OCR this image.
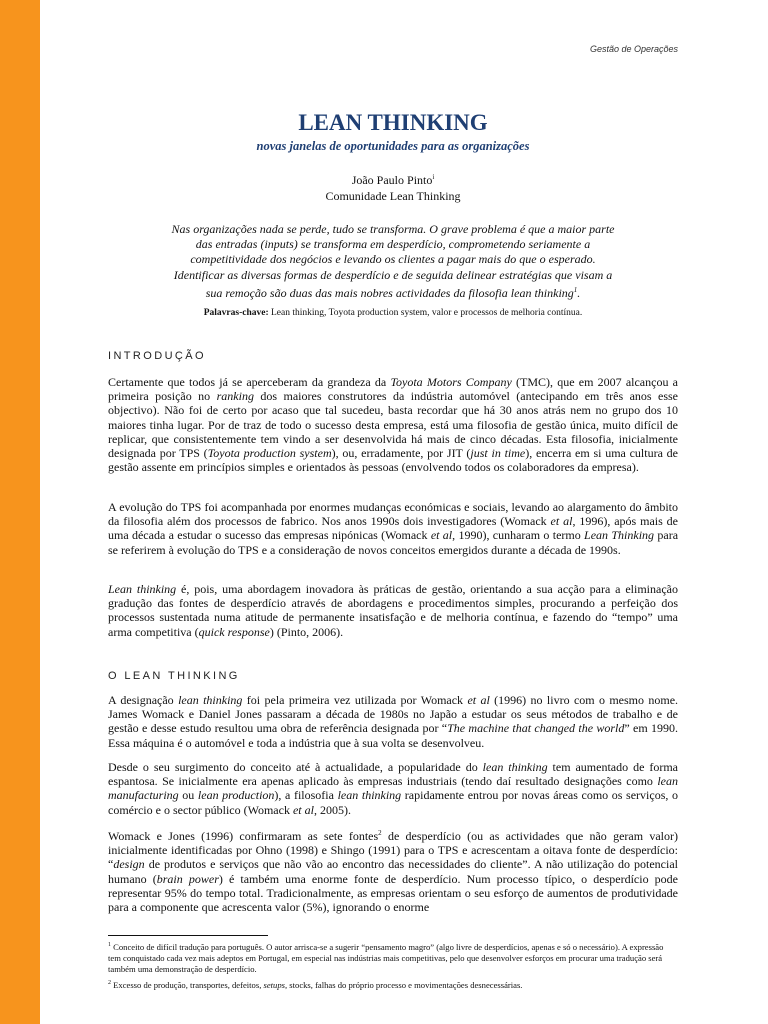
Gestão de Operações
LEAN THINKING
novas janelas de oportunidades para as organizações
João Paulo Pinto$^i$
Comunidade Lean Thinking
Nas organizações nada se perde, tudo se transforma. O grave problema é que a maior parte
das entradas (inputs) se transforma em desperdício, comprometendo seriamente a
competitividade dos negócios e levando os clientes a pagar mais do que o esperado.
Identificar as diversas formas de desperdício e de seguida delinear estratégias que visam a
sua remoção são duas das mais nobres actividades da filosofia lean thinking$^1$.
Palavras-chave: Lean thinking, Toyota production system, valor e processos de melhoria contínua.
INTRODUÇÃO
Certamente que todos já se aperceberam da grandeza da Toyota Motors Company (TMC), que em 2007 alcançou a primeira posição no ranking dos maiores construtores da indústria automóvel (antecipando em três anos esse objectivo). Não foi de certo por acaso que tal sucedeu, basta recordar que há 30 anos atrás nem no grupo dos 10 maiores tinha lugar. Por de traz de todo o sucesso desta empresa, está uma filosofia de gestão única, muito difícil de replicar, que consistentemente tem vindo a ser desenvolvida há mais de cinco décadas. Esta filosofia, inicialmente designada por TPS (Toyota production system), ou, erradamente, por JIT (just in time), encerra em si uma cultura de gestão assente em princípios simples e orientados às pessoas (envolvendo todos os colaboradores da empresa).
A evolução do TPS foi acompanhada por enormes mudanças económicas e sociais, levando ao alargamento do âmbito da filosofia além dos processos de fabrico. Nos anos 1990s dois investigadores (Womack et al, 1996), após mais de uma década a estudar o sucesso das empresas nipónicas (Womack et al, 1990), cunharam o termo Lean Thinking para se referirem à evolução do TPS e a consideração de novos conceitos emergidos durante a década de 1990s.
Lean thinking é, pois, uma abordagem inovadora às práticas de gestão, orientando a sua acção para a eliminação gradução das fontes de desperdício através de abordagens e procedimentos simples, procurando a perfeição dos processos sustentada numa atitude de permanente insatisfação e de melhoria contínua, e fazendo do “tempo” uma arma competitiva (quick response) (Pinto, 2006).
O LEAN THINKING
A designação lean thinking foi pela primeira vez utilizada por Womack et al (1996) no livro com o mesmo nome. James Womack e Daniel Jones passaram a década de 1980s no Japão a estudar os seus métodos de trabalho e de gestão e desse estudo resultou uma obra de referência designada por “The machine that changed the world” em 1990. Essa máquina é o automóvel e toda a indústria que à sua volta se desenvolveu.
Desde o seu surgimento do conceito até à actualidade, a popularidade do lean thinking tem aumentado de forma espantosa. Se inicialmente era apenas aplicado às empresas industriais (tendo daí resultado designações como lean manufacturing ou lean production), a filosofia lean thinking rapidamente entrou por novas áreas como os serviços, o comércio e o sector público (Womack et al, 2005).
Womack e Jones (1996) confirmaram as sete fontes$^2$ de desperdício (ou as actividades que não geram valor) inicialmente identificadas por Ohno (1998) e Shingo (1991) para o TPS e acrescentam a oitava fonte de desperdício: “design de produtos e serviços que não vão ao encontro das necessidades do cliente”. A não utilização do potencial humano (brain power) é também uma enorme fonte de desperdício. Num processo típico, o desperdício pode representar 95% do tempo total. Tradicionalmente, as empresas orientam o seu esforço de aumentos de produtividade para a componente que acrescenta valor (5%), ignorando o enorme
$^1$ Conceito de difícil tradução para português. O autor arrisca-se a sugerir “pensamento magro” (algo livre de desperdícios, apenas e só o necessário). A expressão tem conquistado cada vez mais adeptos em Portugal, em especial nas indústrias mais competitivas, pelo que desenvolver esforços em procurar uma tradução será também uma demonstração de desperdício.
$^2$ Excesso de produção, transportes, defeitos, setups, stocks, falhas do próprio processo e movimentações desnecessárias.
